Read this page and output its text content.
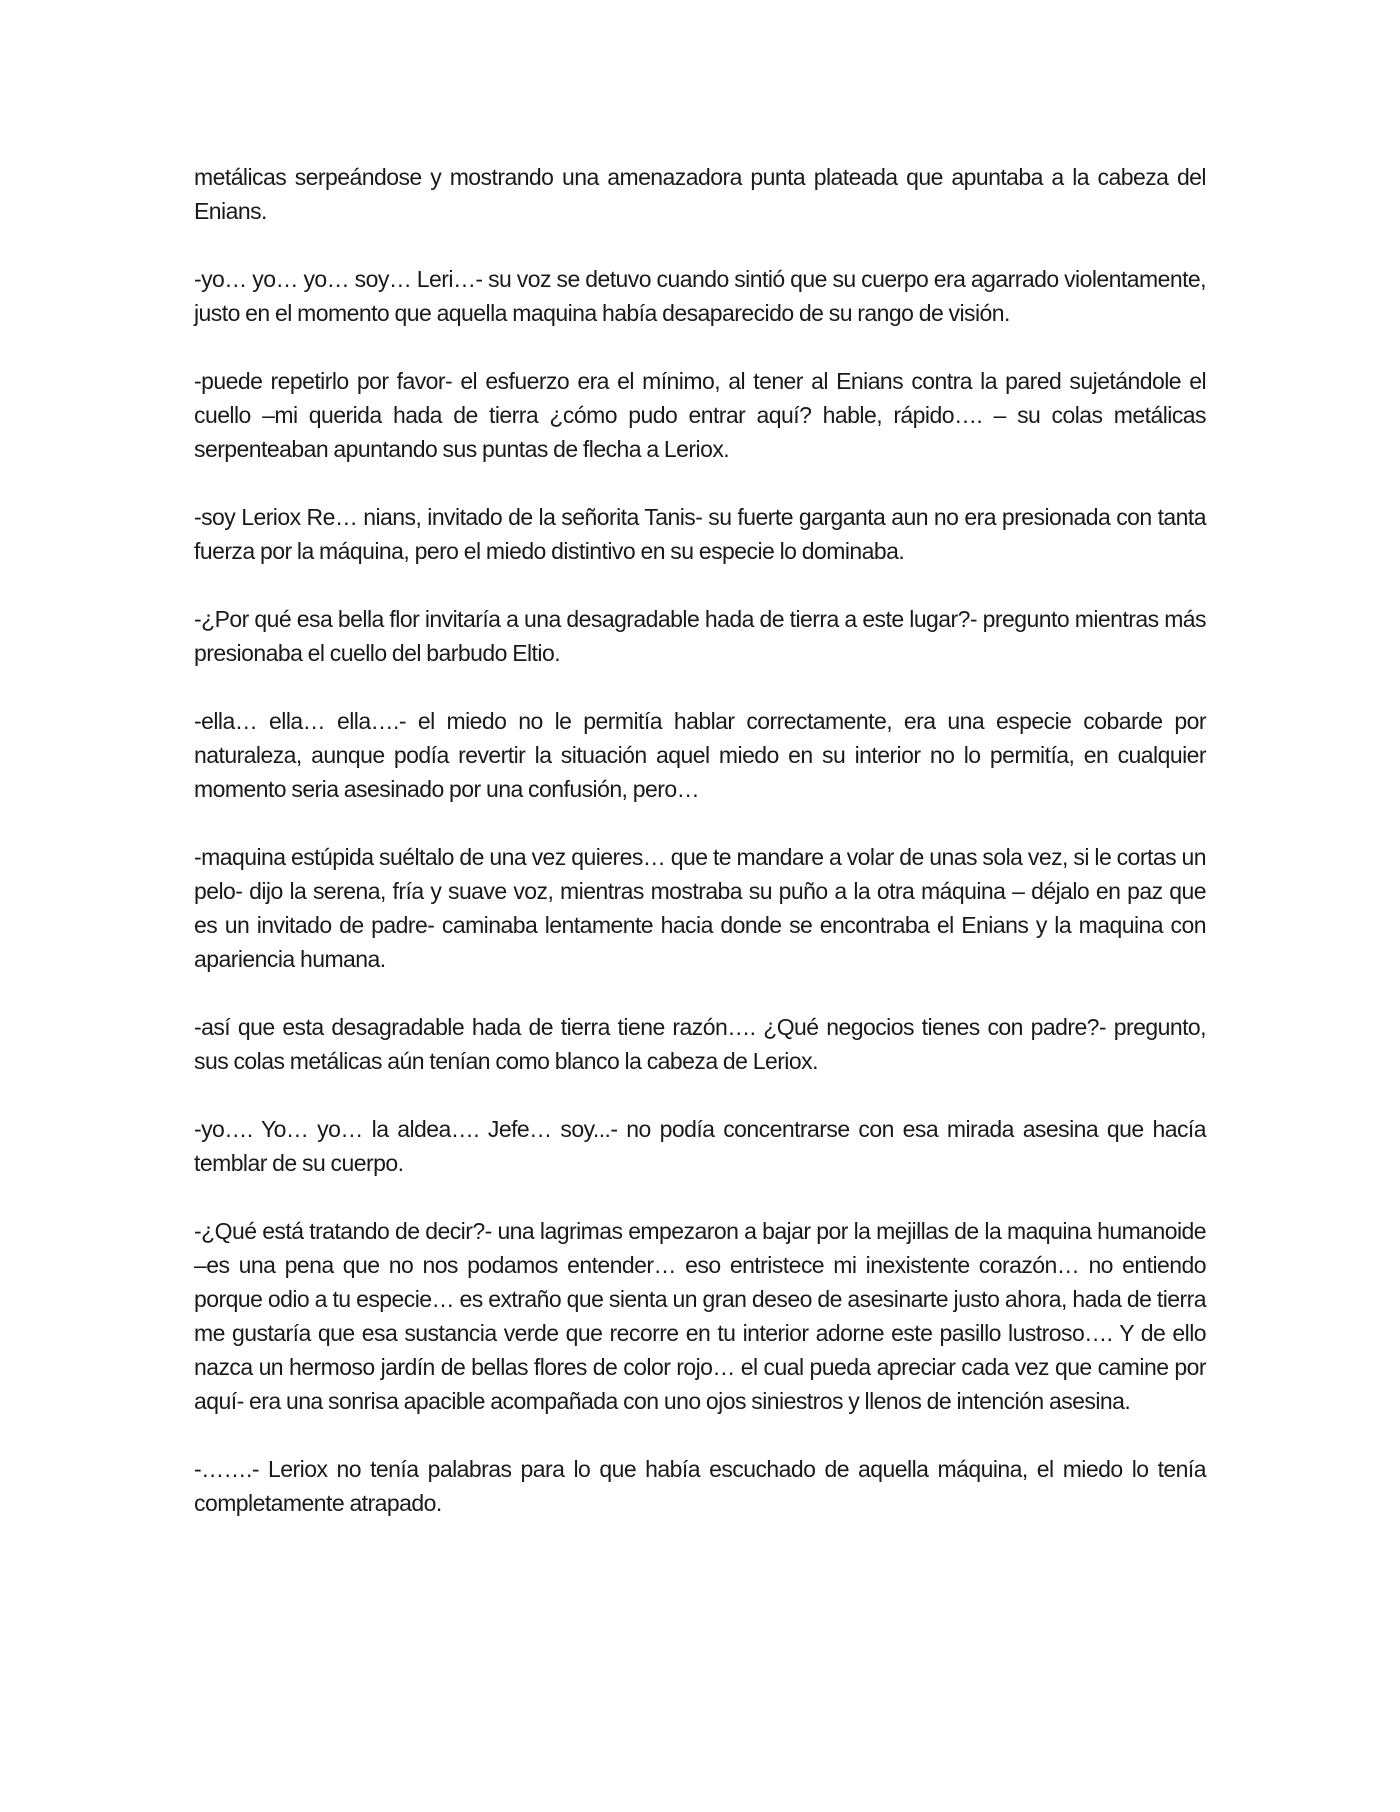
metálicas serpeándose y mostrando una amenazadora punta plateada que apuntaba a la cabeza del Enians.

-yo… yo… yo… soy… Leri…- su voz se detuvo cuando sintió que su cuerpo era agarrado violentamente, justo en el momento que aquella maquina había desaparecido de su rango de visión.

-puede repetirlo por favor- el esfuerzo era el mínimo, al tener al Enians contra la pared sujetándole el cuello –mi querida hada de tierra ¿cómo pudo entrar aquí? hable, rápido…. – su colas metálicas serpenteaban apuntando sus puntas de flecha a Leriox.

-soy Leriox Re… nians, invitado de la señorita Tanis- su fuerte garganta aun no era presionada con tanta fuerza por la máquina, pero el miedo distintivo en su especie lo dominaba.

-¿Por qué esa bella flor invitaría a una desagradable hada de tierra a este lugar?- pregunto mientras más presionaba el cuello del barbudo Eltio.

-ella… ella… ella….- el miedo no le permitía hablar correctamente, era una especie cobarde por naturaleza, aunque podía revertir la situación aquel miedo en su interior no lo permitía, en cualquier momento seria asesinado por una confusión, pero…

-maquina estúpida suéltalo de una vez quieres… que te mandare a volar de unas sola vez, si le cortas un pelo- dijo la serena, fría y suave voz, mientras mostraba su puño a la otra máquina – déjalo en paz que es un invitado de padre- caminaba lentamente hacia donde se encontraba el Enians y la maquina con apariencia humana.

-así que esta desagradable hada de tierra tiene razón…. ¿Qué negocios tienes con padre?- pregunto, sus colas metálicas aún tenían como blanco la cabeza de Leriox.

-yo…. Yo… yo… la aldea…. Jefe… soy...- no podía concentrarse con esa mirada asesina que hacía temblar de su cuerpo.

-¿Qué está tratando de decir?- una lagrimas empezaron a bajar por la mejillas de la maquina humanoide –es una pena que no nos podamos entender… eso entristece mi inexistente corazón… no entiendo porque odio a tu especie… es extraño que sienta un gran deseo de asesinarte justo ahora, hada de tierra me gustaría que esa sustancia verde que recorre en tu interior adorne este pasillo lustroso…. Y de ello nazca un hermoso jardín de bellas flores de color rojo… el cual pueda apreciar cada vez que camine por aquí- era una sonrisa apacible acompañada con uno ojos siniestros y llenos de intención asesina.

-…….- Leriox no tenía palabras para lo que había escuchado de aquella máquina, el miedo lo tenía completamente atrapado.
